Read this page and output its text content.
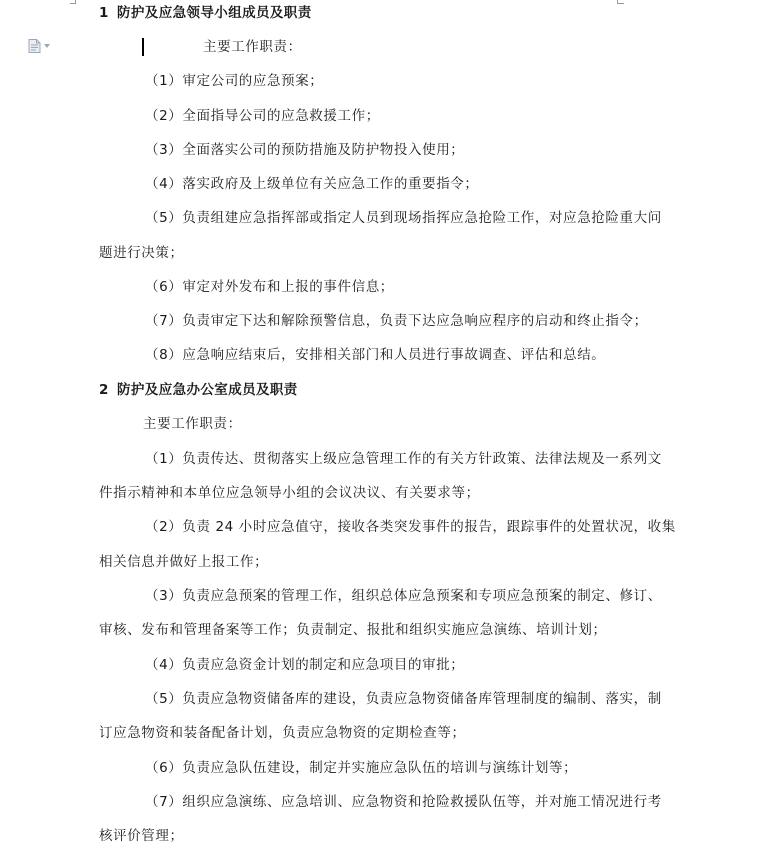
1 防护及应急领导小组成员及职责
主要工作职责：
（1）审定公司的应急预案；
（2）全面指导公司的应急救援工作；
（3）全面落实公司的预防措施及防护物投入使用；
（4）落实政府及上级单位有关应急工作的重要指令；
（5）负责组建应急指挥部或指定人员到现场指挥应急抢险工作，对应急抢险重大问
题进行决策；
（6）审定对外发布和上报的事件信息；
（7）负责审定下达和解除预警信息，负责下达应急响应程序的启动和终止指令；
（8）应急响应结束后，安排相关部门和人员进行事故调查、评估和总结。
2 防护及应急办公室成员及职责
主要工作职责：
（1）负责传达、贯彻落实上级应急管理工作的有关方针政策、法律法规及一系列文
件指示精神和本单位应急领导小组的会议决议、有关要求等；
（2）负责 24 小时应急值守，接收各类突发事件的报告，跟踪事件的处置状况，收集
相关信息并做好上报工作；
（3）负责应急预案的管理工作，组织总体应急预案和专项应急预案的制定、修订、
审核、发布和管理备案等工作；负责制定、报批和组织实施应急演练、培训计划；
（4）负责应急资金计划的制定和应急项目的审批；
（5）负责应急物资储备库的建设，负责应急物资储备库管理制度的编制、落实，制
订应急物资和装备配备计划，负责应急物资的定期检查等；
（6）负责应急队伍建设，制定并实施应急队伍的培训与演练计划等；
（7）组织应急演练、应急培训、应急物资和抢险救援队伍等，并对施工情况进行考
核评价管理；
